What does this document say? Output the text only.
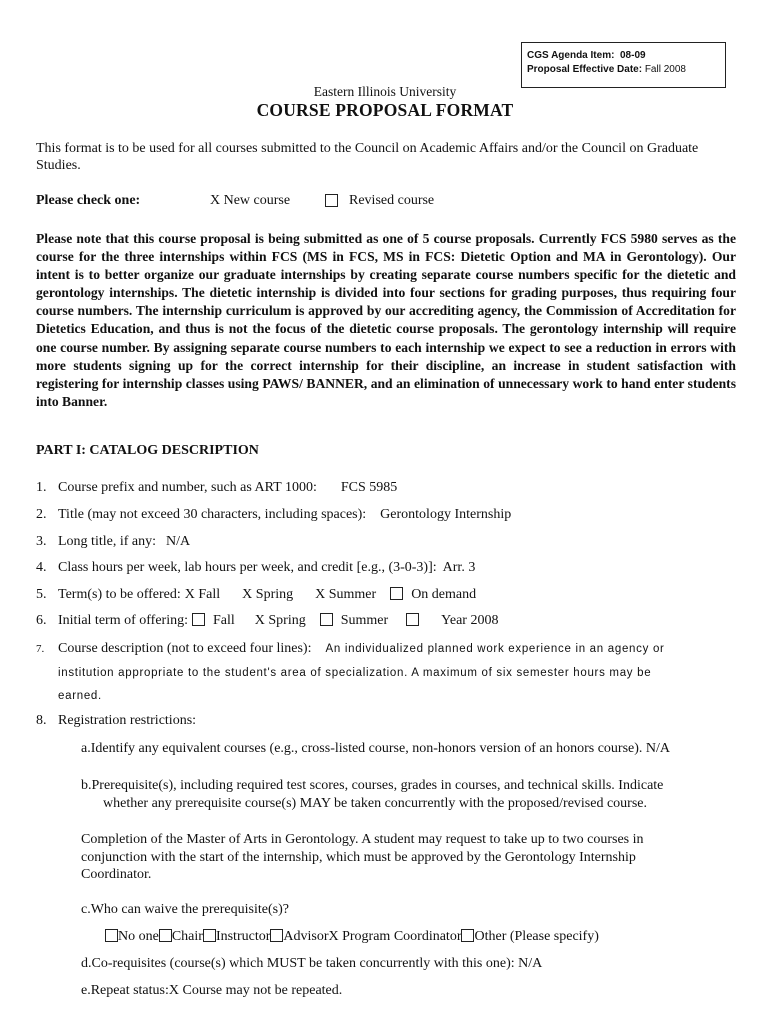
CGS Agenda Item: 08-09
Proposal Effective Date: Fall 2008
Eastern Illinois University
COURSE PROPOSAL FORMAT
This format is to be used for all courses submitted to the Council on Academic Affairs and/or the Council on Graduate Studies.
Please check one:	X New course	Revised course
Please note that this course proposal is being submitted as one of 5 course proposals. Currently FCS 5980 serves as the course for the three internships within FCS (MS in FCS, MS in FCS: Dietetic Option and MA in Gerontology). Our intent is to better organize our graduate internships by creating separate course numbers specific for the dietetic and gerontology internships. The dietetic internship is divided into four sections for grading purposes, thus requiring four course numbers. The internship curriculum is approved by our accrediting agency, the Commission of Accreditation for Dietetics Education, and thus is not the focus of the dietetic course proposals. The gerontology internship will require one course number. By assigning separate course numbers to each internship we expect to see a reduction in errors with more students signing up for the correct internship for their discipline, an increase in student satisfaction with registering for internship classes using PAWS/ BANNER, and an elimination of unnecessary work to hand enter students into Banner.
PART I: CATALOG DESCRIPTION
1. Course prefix and number, such as ART 1000: FCS 5985
2. Title (may not exceed 30 characters, including spaces): Gerontology Internship
3. Long title, if any: N/A
4. Class hours per week, lab hours per week, and credit [e.g., (3-0-3)]: Arr. 3
5. Term(s) to be offered: X Fall X Spring X Summer	On demand
6. Initial term of offering: Fall X Spring	Summer	Year 2008
7. Course description (not to exceed four lines): An individualized planned work experience in an agency or
institution appropriate to the student's area of specialization. A maximum of six semester hours may be
earned.
8. Registration restrictions:
a.Identify any equivalent courses (e.g., cross-listed course, non-honors version of an honors course). N/A
b.Prerequisite(s), including required test scores, courses, grades in courses, and technical skills. Indicate
whether any prerequisite course(s) MAY be taken concurrently with the proposed/revised course.
Completion of the Master of Arts in Gerontology. A student may request to take up to two courses in conjunction with the start of the internship, which must be approved by the Gerontology Internship Coordinator.
c.Who can waive the prerequisite(s)?
No one Chair Instructor AdvisorX Program Coordinator Other (Please specify)
d.Co-requisites (course(s) which MUST be taken concurrently with this one): N/A
e.Repeat status:X Course may not be repeated.
